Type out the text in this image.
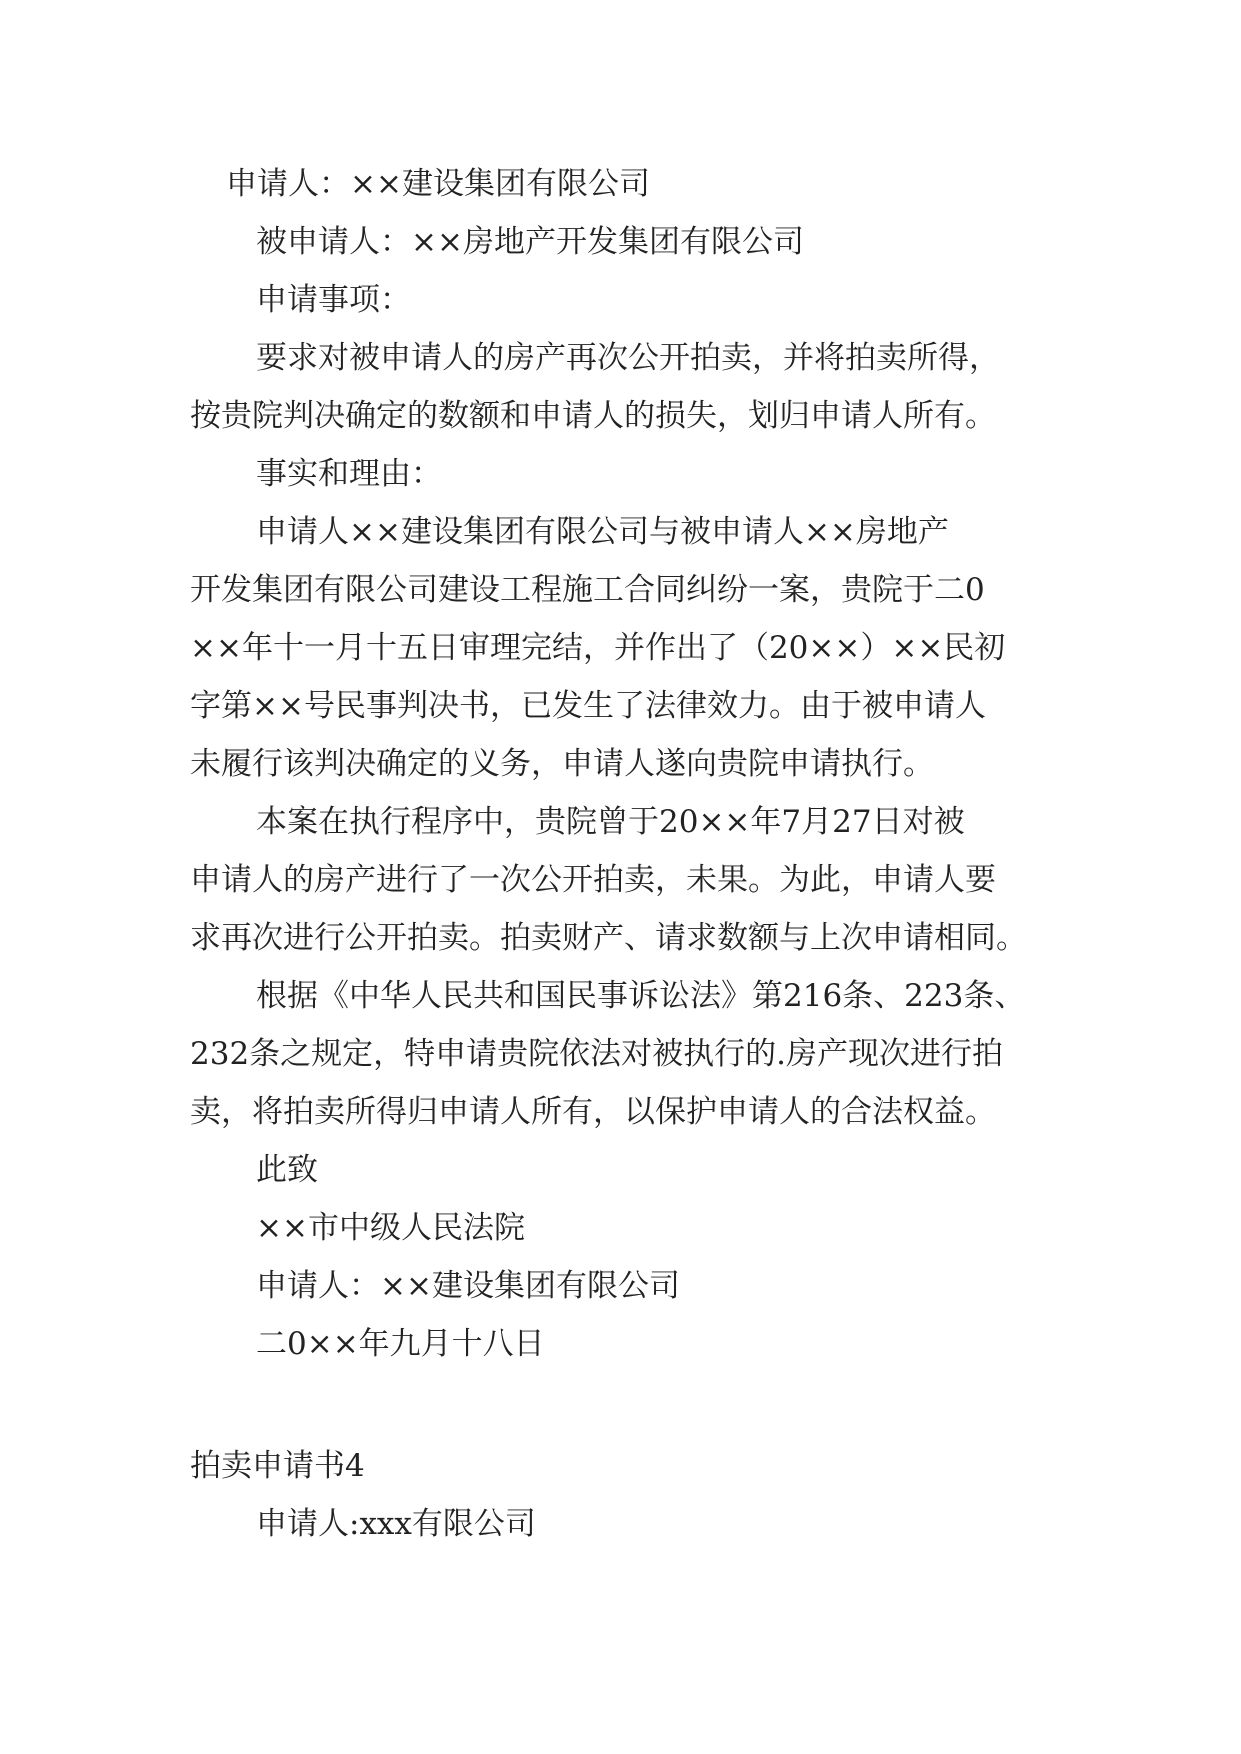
申请人：××建设集团有限公司
被申请人：××房地产开发集团有限公司
申请事项：
要求对被申请人的房产再次公开拍卖，并将拍卖所得，
按贵院判决确定的数额和申请人的损失，划归申请人所有。
事实和理由：
申请人××建设集团有限公司与被申请人××房地产
开发集团有限公司建设工程施工合同纠纷一案，贵院于二0
××年十一月十五日审理完结，并作出了（20××）××民初
字第××号民事判决书，已发生了法律效力。由于被申请人
未履行该判决确定的义务，申请人遂向贵院申请执行。
本案在执行程序中，贵院曾于20××年7月27日对被
申请人的房产进行了一次公开拍卖，未果。为此，申请人要
求再次进行公开拍卖。拍卖财产、请求数额与上次申请相同。
根据《中华人民共和国民事诉讼法》第216条、223条、
232条之规定，特申请贵院依法对被执行的.房产现次进行拍
卖，将拍卖所得归申请人所有，以保护申请人的合法权益。
此致
××市中级人民法院
申请人：××建设集团有限公司
二0××年九月十八日
拍卖申请书4
申请人:xxx有限公司
